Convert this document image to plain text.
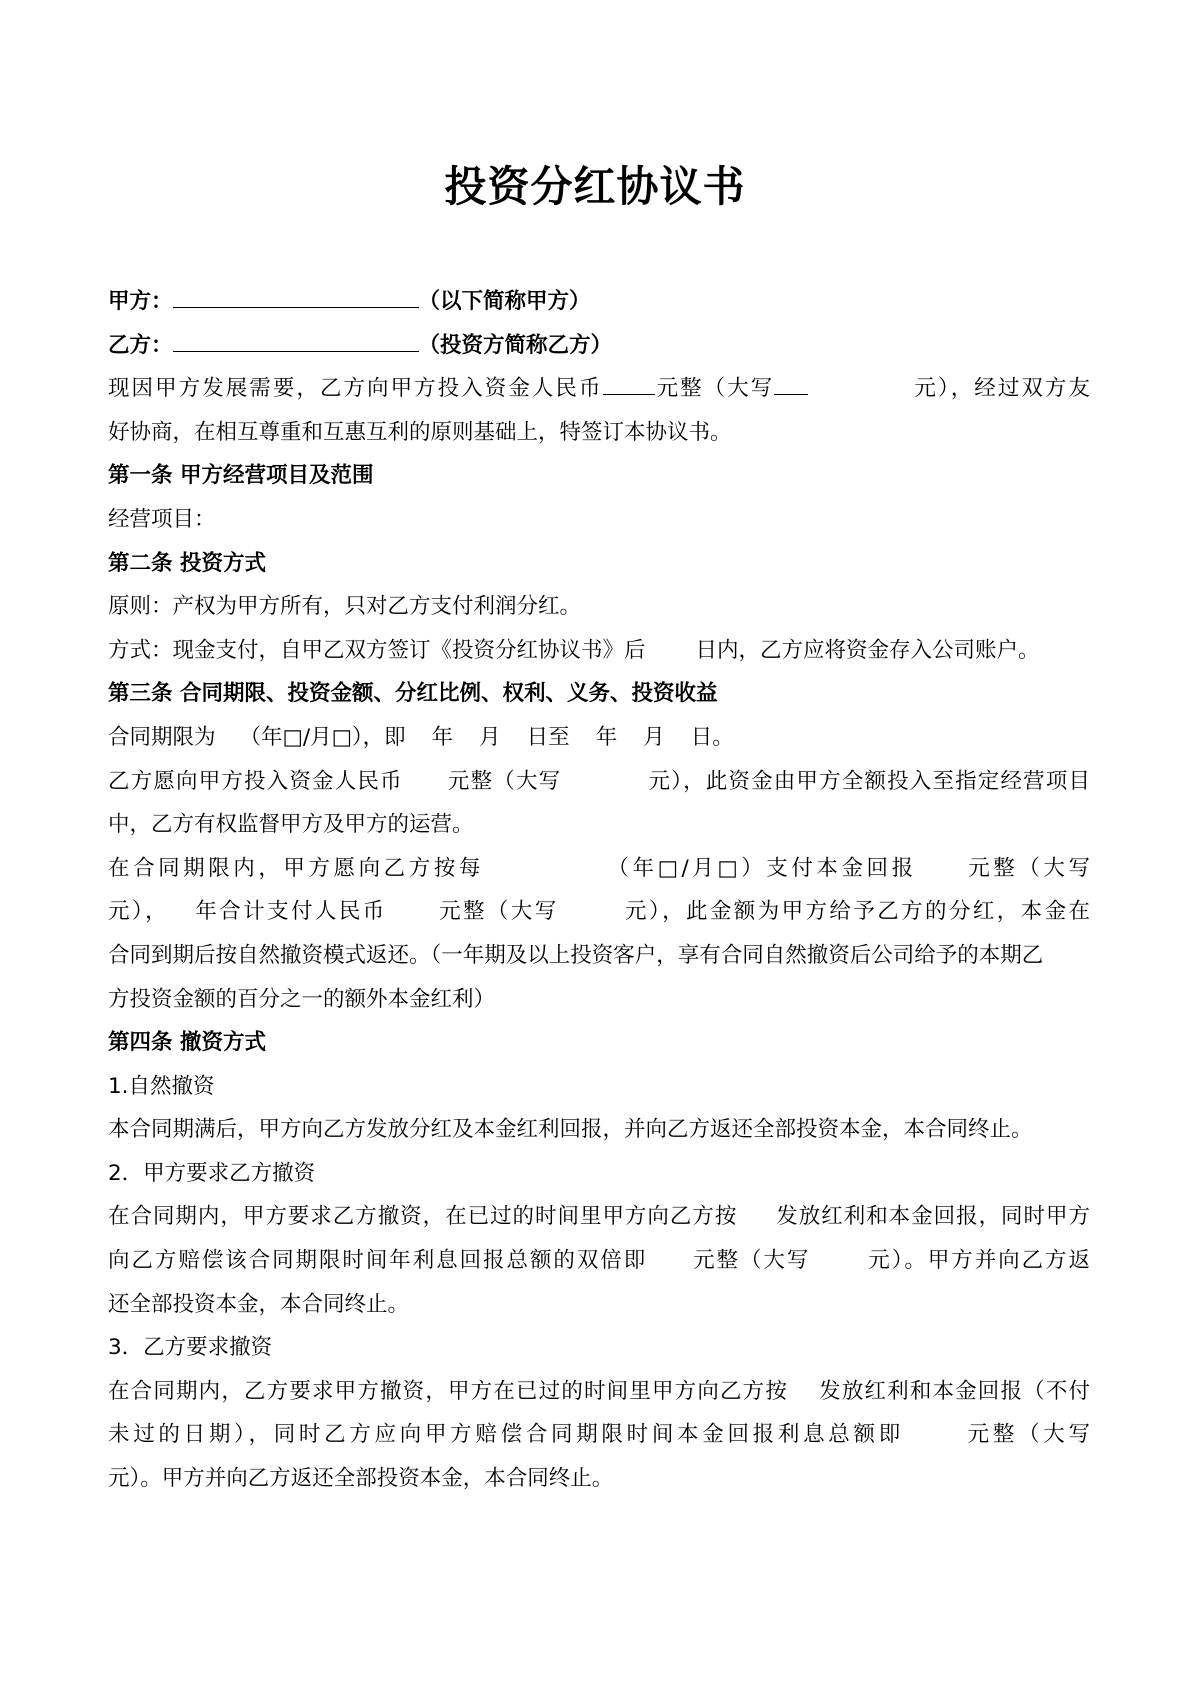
投资分红协议书
甲方：	（以下简称甲方）
乙方：	（投资方简称乙方）
现因甲方发展需要，乙方向甲方投入资金人民币 元整（大写	元），经过双方友
好协商，在相互尊重和互惠互利的原则基础上，特签订本协议书。
第一条 甲方经营项目及范围
经营项目：
第二条 投资方式
原则：产权为甲方所有，只对乙方支付利润分红。
方式：现金支付，自甲乙双方签订《投资分红协议书》后 日内，乙方应将资金存入公司账户。
第三条 合同期限、投资金额、分红比例、权利、义务、投资收益
合同期限为 （年□/月□），即 年 月 日至 年 月 日。
乙方愿向甲方投入资金人民币 元整（大写	元），此资金由甲方全额投入至指定经营项目
中，乙方有权监督甲方及甲方的运营。
在合同期限内，甲方愿向乙方按每	（年□/月□）支付本金回报 元整（大写
元）， 年合计支付人民币 元整（大写	元），此金额为甲方给予乙方的分红，本金在
合同到期后按自然撤资模式返还。（一年期及以上投资客户，享有合同自然撤资后公司给予的本期乙
方投资金额的百分之一的额外本金红利）
第四条 撤资方式
1.自然撤资
本合同期满后，甲方向乙方发放分红及本金红利回报，并向乙方返还全部投资本金，本合同终止。
2．甲方要求乙方撤资
在合同期内，甲方要求乙方撤资，在已过的时间里甲方向乙方按 发放红利和本金回报，同时甲方
向乙方赔偿该合同期限时间年利息回报总额的双倍即 元整（大写	元）。甲方并向乙方返
还全部投资本金，本合同终止。
3．乙方要求撤资
在合同期内，乙方要求甲方撤资，甲方在已过的时间里甲方向乙方按 发放红利和本金回报（不付
未过的日期），同时乙方应向甲方赔偿合同期限时间本金回报利息总额即	元整（大写
元）。甲方并向乙方返还全部投资本金，本合同终止。
